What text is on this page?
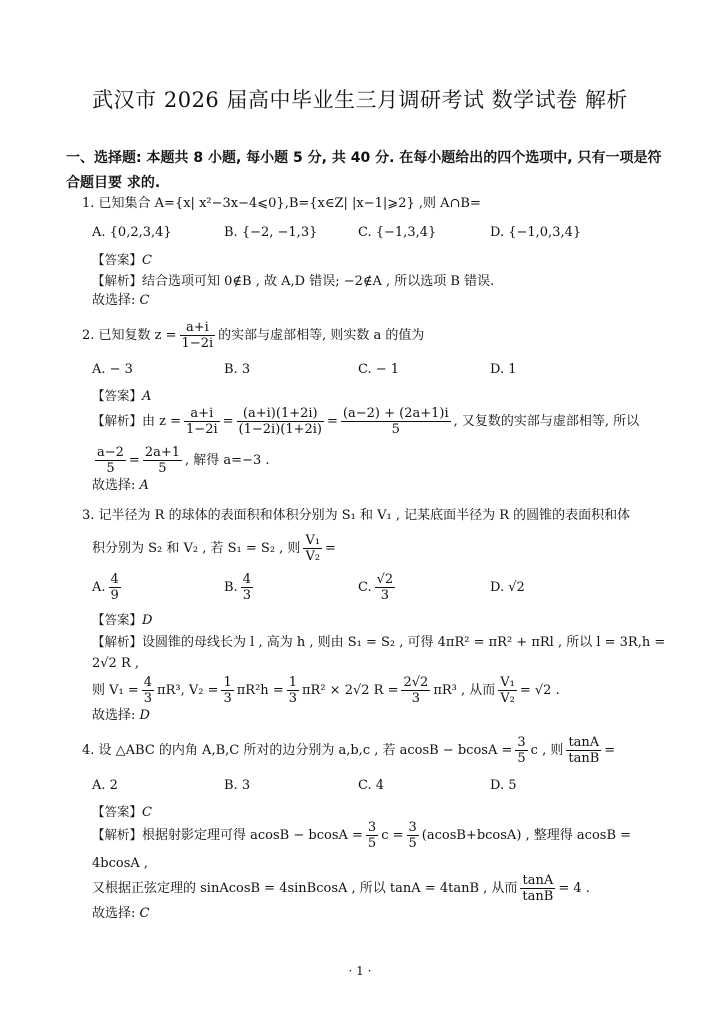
武汉市 2026 届高中毕业生三月调研考试 数学试卷 解析
一、选择题: 本题共 8 小题, 每小题 5 分, 共 40 分. 在每小题给出的四个选项中, 只有一项是符合题目要 求的.
1. 已知集合 A={x| x²−3x−4⩽0},B={x∈Z| |x−1|⩾2} ,则 A∩B=
A. {0,2,3,4}	B. {−2, −1,3}	C. {−1,3,4}	D. {−1,0,3,4}
【答案】C
【解析】结合选项可知 0∉B , 故 A,D 错误; −2∉A , 所以选项 B 错误.
故选择: C
2. 已知复数 $z = \frac{a+i}{1-2i}$ 的实部与虚部相等, 则实数 a 的值为
A. − 3	B. 3	C. − 1	D. 1
【答案】A
【解析】由 $z = \frac{a+i}{1-2i} = \frac{(a+i)(1+2i)}{(1-2i)(1+2i)} = \frac{(a-2) + (2a+1)i}{5}$ , 又复数的实部与虚部相等, 所以
$\frac{a-2}{5} = \frac{2a+1}{5}$ , 解得 a=−3 .
故选择: A
3. 记半径为 R 的球体的表面积和体积分别为 S₁ 和 V₁ , 记某底面半径为 R 的圆锥的表面积和体
积分别为 S₂ 和 V₂ , 若 S₁ = S₂ , 则 $\frac{\text{V₁}}{\text{V₂}}$ =
A. $\frac{4}{9}$	B. $\frac{4}{3}$	C. $\frac{√2}{3}$	D. √2
【答案】D
【解析】设圆锥的母线长为 l , 高为 h , 则由 S₁ = S₂ , 可得 4πR² = πR² + πRl , 所以 l = 3R,h =
2√2 R ,
则 $V_1 = \frac{4}{3} \pi R^3$, $V_2 = \frac{1}{3} \pi R^2h = \frac{1}{3} \pi R^2 \times 2√2$ $R = \frac{2√2}{3} \pi R^3$ , 从而 $\frac{\text{V₁}}{\text{V₂}} = √2$ .
故选择: D
4. 设 △ABC 的内角 A,B,C 所对的边分别为 a,b,c , 若 $acosB - bcosA = \frac{3}{5}$ c , 则 $\frac{\tan A}{\tan B}$ =
A. 2	B. 3	C. 4	D. 5
【答案】C
【解析】根据射影定理可得 $acosB - bcosA = \frac{3}{5}$ $c = \frac{3}{5} (acosB+bcosA)$ , 整理得 acosB =
4bcosA ,
又根据正弦定理的 sinAcosB = 4sinBcosA , 所以 tanA = 4tanB , 从而 $\frac{\tan A}{\tan B} = 4$ .
故选择: C
· 1 ·
